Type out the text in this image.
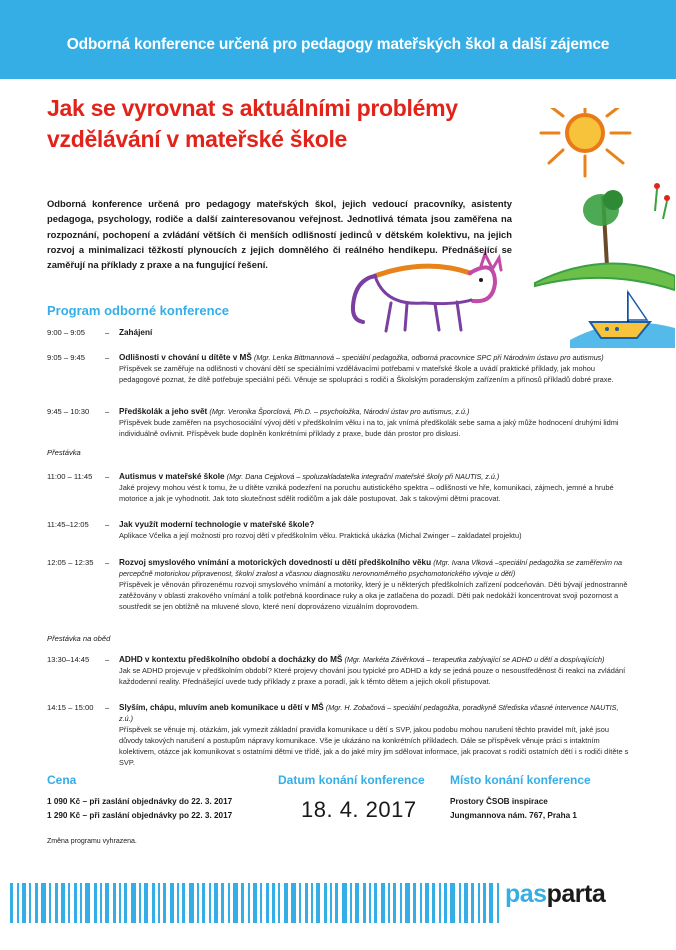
Odborná konference určená pro pedagogy mateřských škol a další zájemce
Jak se vyrovnat s aktuálními problémy
vzdělávání v mateřské škole
Odborná konference určená pro pedagogy mateřských škol, jejich vedoucí pracovníky, asistenty pedagoga, psychology, rodiče a další zainteresovanou veřejnost. Jednotlivá témata jsou zaměřena na rozpoznání, pochopení a zvládání větších či menších odlišností jedinců v dětském kolektivu, na jejich rozvoj a minimalizaci těžkostí plynoucích z jejich domnělého či reálného hendikepu. Přednášející se zaměřují na příklady z praxe a na fungující řešení.
Program odborné konference
9:00 – 9:05	– Zahájení
9:05 – 9:45	– Odlišnosti v chování u dítěte v MŠ (Mgr. Lenka Bittmannová – speciální pedagožka, odborná pracovnice SPC při Národním ústavu pro autismus)
Příspěvek se zaměřuje na odlišnosti v chování dětí se speciálními vzdělávacími potřebami v mateřské škole a uvádí praktické příklady, jak mohou pedagogové poznat, že dítě potřebuje speciální péči. Věnuje se spolupráci s rodiči a Školským poradenským zařízením a přínosů příkladů dobré praxe.
9:45 – 10:30	– Předškolák a jeho svět (Mgr. Veronika Šporclová, Ph.D. – psycholožka, Národní ústav pro autismus, z.ú.)
Příspěvek bude zaměřen na psychosociální vývoj dětí v předškolním věku i na to, jak vnímá předškolák sebe sama a jaký může hodnocení druhými lidmi individuálně ovlivnit. Příspěvek bude doplněn konkrétními příklady z praxe, bude dán prostor pro diskusi.
11:00 – 11:45	– Autismus v mateřské škole (Mgr. Dana Cejpková – spoluzakladatelka integrační mateřské školy při NAUTIS, z.ú.)
Jaké projevy mohou vést k tomu, že u dítěte vzniká podezření na poruchu autistického spektra – odlišnosti ve hře, komunikaci, zájmech, jemné a hrubé motorice a jak je vyhodnotit. Jak toto skutečnost sdělit rodičům a jak dále postupovat. Jak s takovými dětmi pracovat.
11:45–12:05	– Jak využít moderní technologie v mateřské škole?
Aplikace Včelka a její možnosti pro rozvoj dětí v předškolním věku. Praktická ukázka (Michal Zwinger – zakladatel projektu)
12:05 – 12:35	– Rozvoj smyslového vnímání a motorických dovedností u dětí předškolního věku (Mgr. Ivana Vlková –speciální pedagožka se zaměřením na percepčně motorickou připravenost, školní zralost a včasnou diagnostiku nerovnoměrného psychomotorického vývoje u dětí)
Příspěvek je věnován přirozenému rozvoji smyslového vnímání a motoriky, který je u některých předškolních zařízení podceňován. Děti bývají jednostranně zatěžovány v oblasti zrakového vnímání a tolik potřebná koordinace ruky a oka je zatlačena do pozadí. Děti pak nedokáží koncentrovat svoji pozornost a soustředit se jen obtížně na mluvené slovo, které není doprovázeno vizuálním doprovodem.
13:30–14:45	– ADHD v kontextu předškolního období a docházky do MŠ (Mgr. Markéta Závěrková – terapeutka zabývající se ADHD u dětí a dospívajících)
Jak se ADHD projevuje v předškolním období? Které projevy chování jsou typické pro ADHD a kdy se jedná pouze o nesoustředěnost či reakci na zvládání každodenní reality. Přednášející uvede tudy příklady z praxe a poradí, jak k těmto dětem a jejich okolí přistupovat.
14:15 – 15:00	– Slyším, chápu, mluvím aneb komunikace u dětí v MŠ (Mgr. H. Zobačová – speciální pedagožka, poradkyně Střediska včasné intervence NAUTIS, z.ú.)
Příspěvek se věnuje mj. otázkám, jak vymezit základní pravidla komunikace u dětí s SVP, jakou podobu mohou narušení těchto pravidel mít, jaké jsou důvody takových narušení a postupům nápravy komunikace. Vše je ukázáno na konkrétních příkladech. Dále se příspěvek věnuje práci s intaktním kolektivem, otázce jak komunikovat s ostatními dětmi ve třídě, jak a do jaké míry jim sdělovat informace, jak pracovat s rodiči ostatních dětí i s rodiči dítěte s SVP.
Přestávka
Přestávka na oběd
Cena
1 090 Kč – při zaslání objednávky do 22. 3. 2017
1 290 Kč – při zaslání objednávky po 22. 3. 2017
Datum konání konference
18. 4. 2017
Místo konání konference
Prostory ČSOB inspirace
Jungmannova nám. 767, Praha 1
Změna programu vyhrazena.
pasparta
